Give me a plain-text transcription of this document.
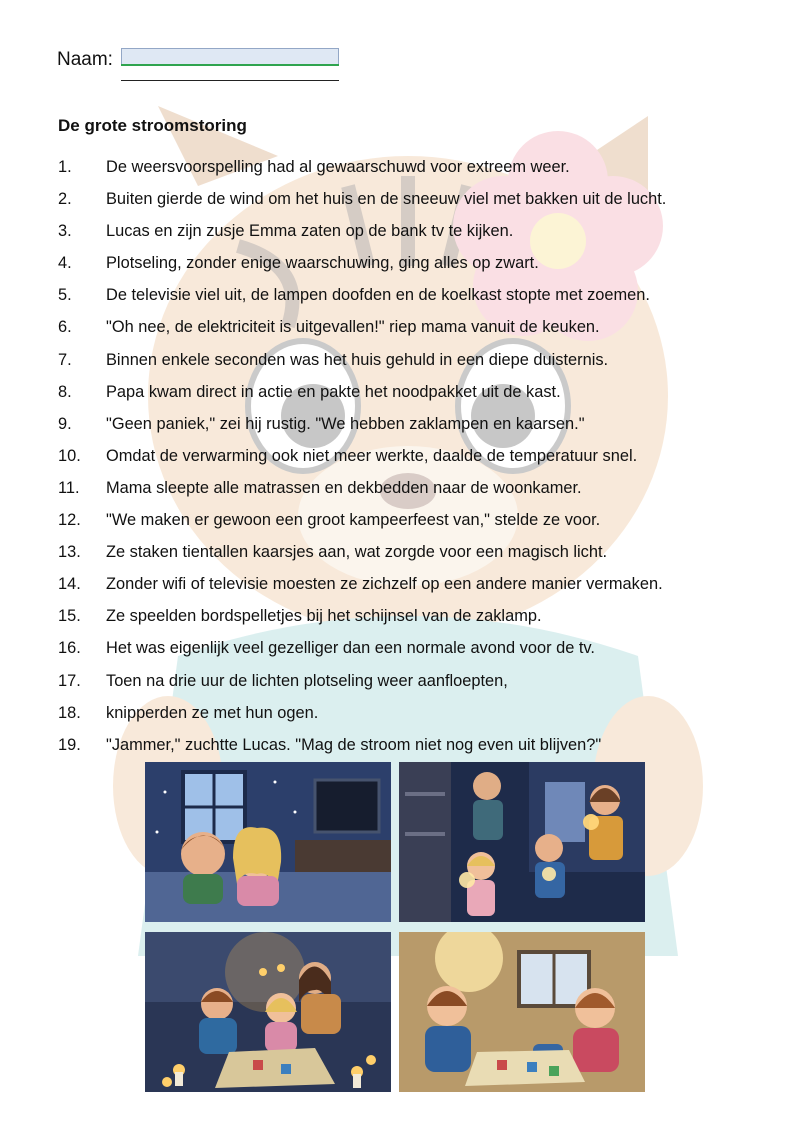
Naam:
De grote stroomstoring
1.	De weersvoorspelling had al gewaarschuwd voor extreem weer.
2.	Buiten gierde de wind om het huis en de sneeuw viel met bakken uit de lucht.
3.	Lucas en zijn zusje Emma zaten op de bank tv te kijken.
4.	Plotseling, zonder enige waarschuwing, ging alles op zwart.
5.	De televisie viel uit, de lampen doofden en de koelkast stopte met zoemen.
6.	"Oh nee, de elektriciteit is uitgevallen!" riep mama vanuit de keuken.
7.	Binnen enkele seconden was het huis gehuld in een diepe duisternis.
8.	Papa kwam direct in actie en pakte het noodpakket uit de kast.
9.	"Geen paniek," zei hij rustig. "We hebben zaklampen en kaarsen."
10.	Omdat de verwarming ook niet meer werkte, daalde de temperatuur snel.
11.	Mama sleepte alle matrassen en dekbedden naar de woonkamer.
12.	"We maken er gewoon een groot kampeerfeest van," stelde ze voor.
13.	Ze staken tientallen kaarsjes aan, wat zorgde voor een magisch licht.
14.	Zonder wifi of televisie moesten ze zichzelf op een andere manier vermaken.
15.	Ze speelden bordspelletjes bij het schijnsel van de zaklamp.
16.	Het was eigenlijk veel gezelliger dan een normale avond voor de tv.
17.	Toen na drie uur de lichten plotseling weer aanfloepten,
18.	knipperden ze met hun ogen.
19.	"Jammer," zuchtte Lucas. "Mag de stroom niet nog even uit blijven?"
